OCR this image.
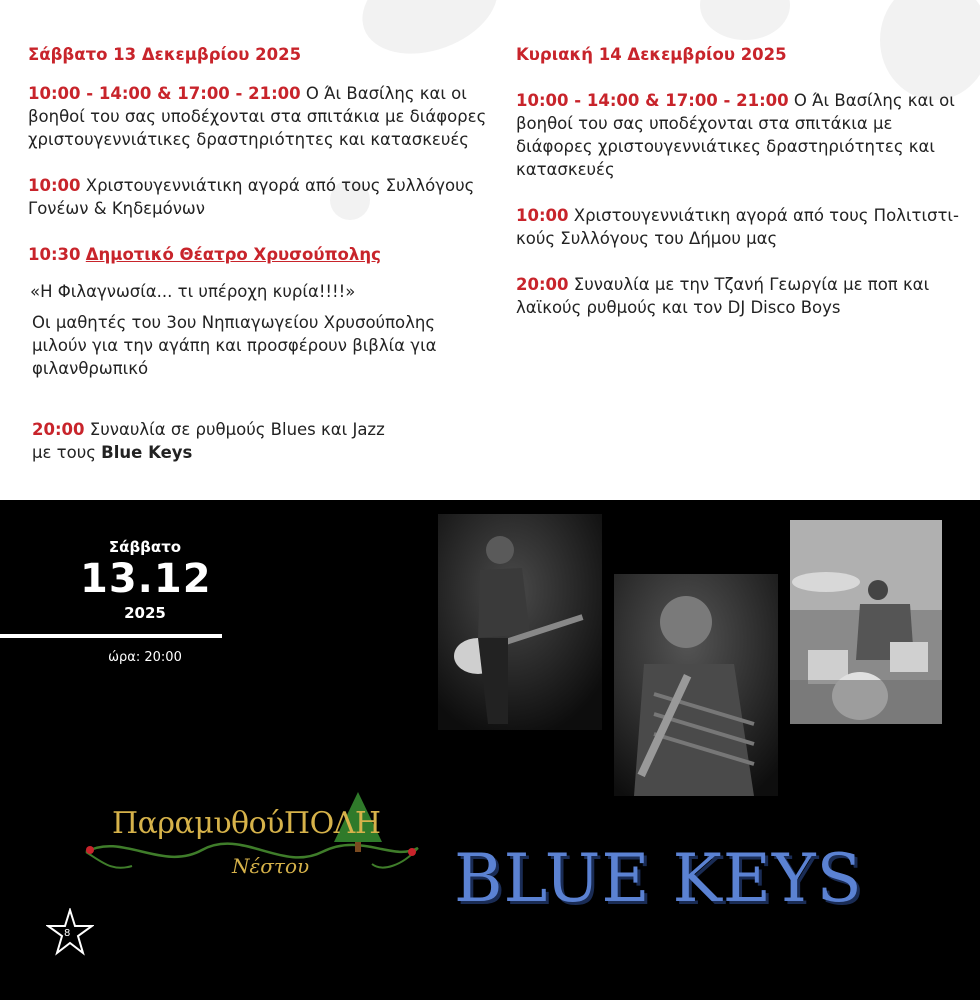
Σάββατο 13 Δεκεμβρίου 2025

10:00 - 14:00 & 17:00 - 21:00 Ο Άι Βασίλης και οι βοηθοί του σας υποδέχονται στα σπιτάκια με διάφορες χριστουγεννιάτικες δραστηριότητες και κατασκευές

10:00 Χριστουγεννιάτικη αγορά από τους Συλλόγους Γονέων & Κηδεμόνων

10:30 Δημοτικό Θέατρο Χρυσούπολης

«Η Φιλαγνωσία... τι υπέροχη κυρία!!!!»

Οι μαθητές του 3ου Νηπιαγωγείου Χρυσούπολης μιλούν για την αγάπη και προσφέρουν βιβλία για φιλανθρωπικό

20:00 Συναυλία σε ρυθμούς Blues και Jazz
με τους Blue Keys

Κυριακή 14 Δεκεμβρίου 2025

10:00 - 14:00 & 17:00 - 21:00 Ο Άι Βασίλης και οι βοηθοί του σας υποδέχονται στα σπιτάκια με διάφορες χριστουγεννιάτικες δραστηριότητες και κατασκευές

10:00 Χριστουγεννιάτικη αγορά από τους Πολιτιστι-κούς Συλλόγους του Δήμου μας

20:00 Συναυλία με την Τζανή Γεωργία με ποπ και λαϊκούς ρυθμούς και τον DJ Disco Boys

Σάββατο
13.12
2025
ώρα: 20:00
ΠαραμυθούΠΟΛΗ
Νέστου BLUE KEYS
8
